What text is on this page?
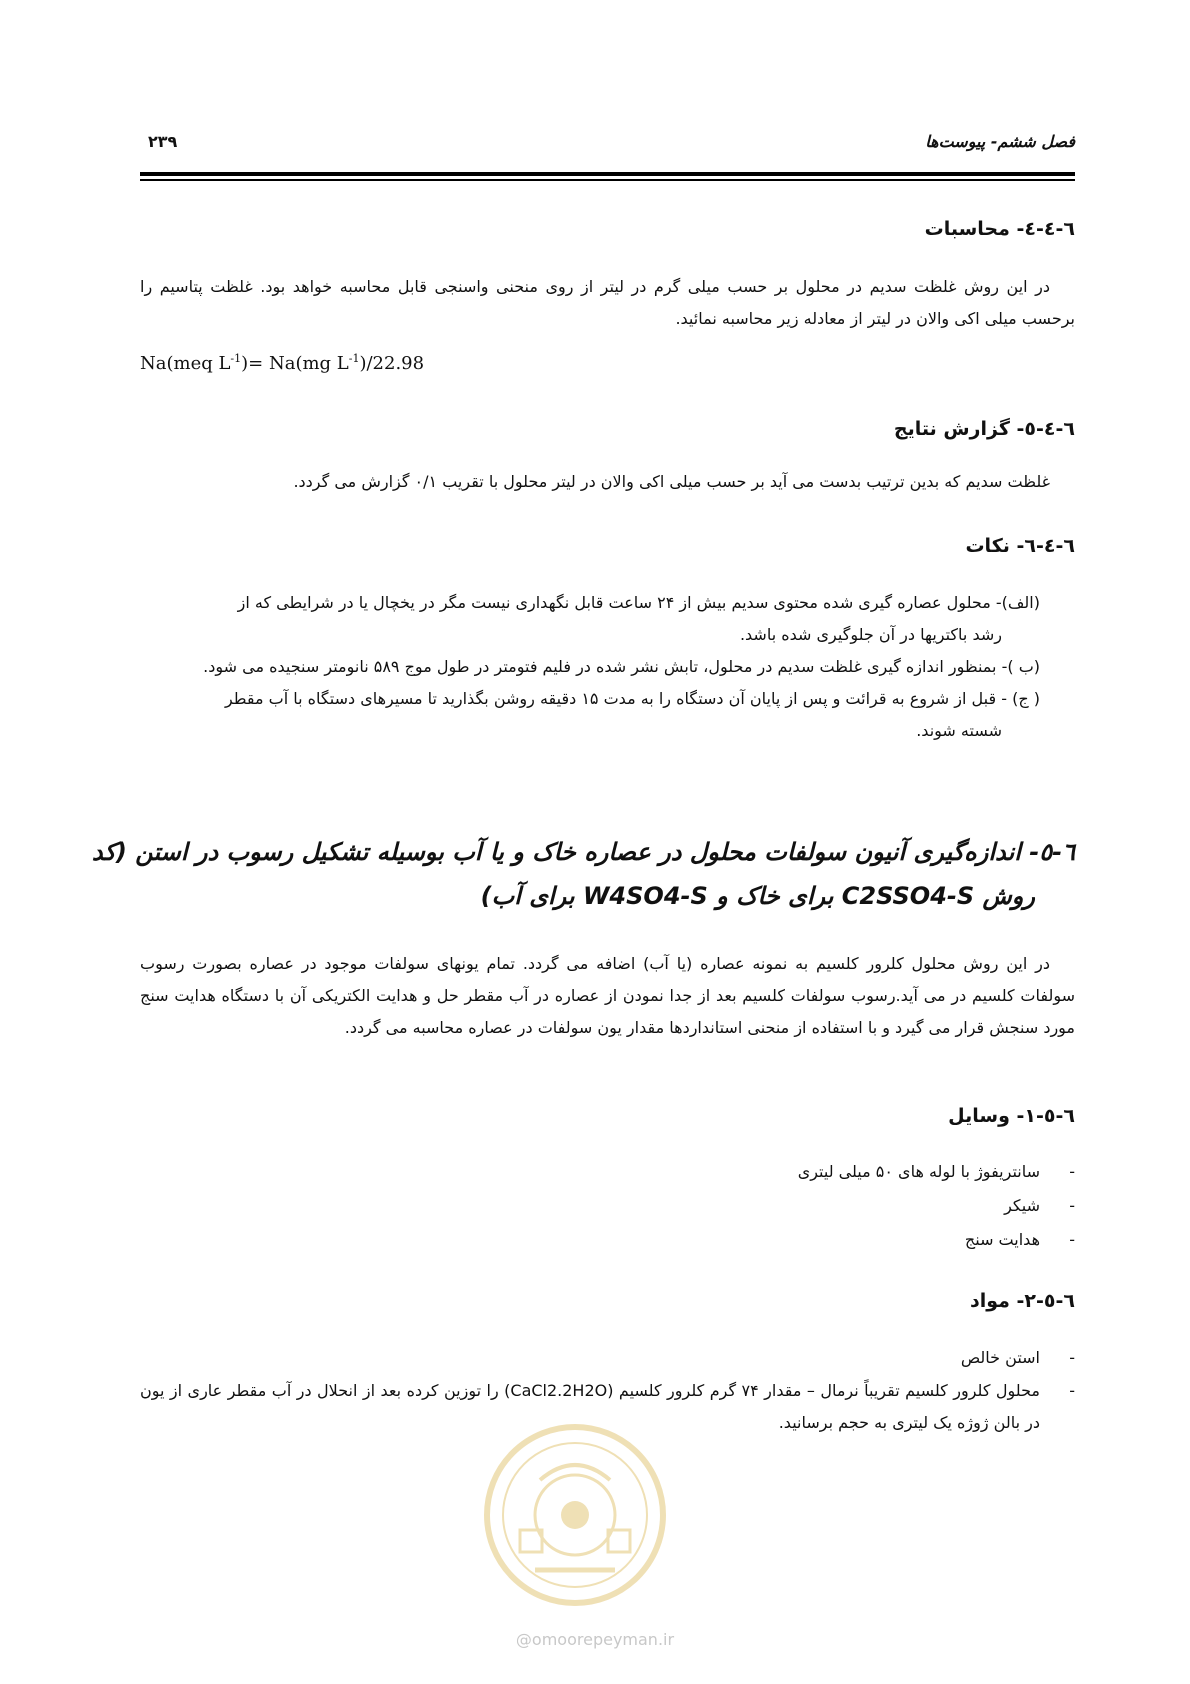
فصل ششم- پیوست‌ها
۲۳۹
٦-٤-٤- محاسبات
در این روش غلظت سدیم در محلول بر حسب میلی گرم در لیتر از روی منحنی واسنجی قابل محاسبه خواهد بود. غلظت پتاسیم را برحسب میلی اکی والان در لیتر از معادله زیر محاسبه نمائید.
Na(meq $L^{-1})= Na(mg$ $L^{-1})/22.98$
٦-٤-٥- گزارش نتایج
غلظت سدیم که بدین ترتیب بدست می آید بر حسب میلی اکی والان در لیتر محلول با تقریب ۰/۱ گزارش می گردد.
٦-٤-٦- نکات
(الف)- محلول عصاره گیری شده محتوی سدیم بیش از ۲۴ ساعت قابل نگهداری نیست مگر در یخچال یا در شرایطی که از
رشد باکتریها در آن جلوگیری شده باشد.
(ب )- بمنظور اندازه گیری غلظت سدیم در محلول، تابش نشر شده در فلیم فتومتر در طول موج ۵۸۹ نانومتر سنجیده می شود.
( ج) - قبل از شروع به قرائت و پس از پایان آن دستگاه را به مدت ۱۵ دقیقه روشن بگذارید تا مسیرهای دستگاه با آب مقطر
شسته شوند.
٦-٥- اندازه‌گیری آنیون سولفات محلول در عصاره خاک و یا آب بوسیله تشکیل رسوب در استن (کد
روش C2SSO4-S برای خاک و W4SO4-S برای آب)
در این روش محلول کلرور کلسیم به نمونه عصاره (یا آب) اضافه می گردد. تمام یونهای سولفات موجود در عصاره بصورت رسوب سولفات کلسیم در می آید.رسوب سولفات کلسیم بعد از جدا نمودن از عصاره در آب مقطر حل و هدایت الکتریکی آن با دستگاه هدایت سنج مورد سنجش قرار می گیرد و با استفاده از منحنی استانداردها مقدار یون سولفات در عصاره محاسبه می گردد.
٦-٥-١- وسایل
-
سانتریفوژ با لوله های ۵۰ میلی لیتری
-
شیکر
-
هدایت سنج
٦-٥-٢- مواد
-
استن خالص
-
محلول کلرور کلسیم تقریباً نرمال – مقدار ۷۴ گرم کلرور کلسیم (CaCl2.2H2O) را توزین کرده بعد از انحلال در آب مقطر عاری از یون در بالن ژوژه یک لیتری به حجم برسانید.
@omoorepeyman.ir
